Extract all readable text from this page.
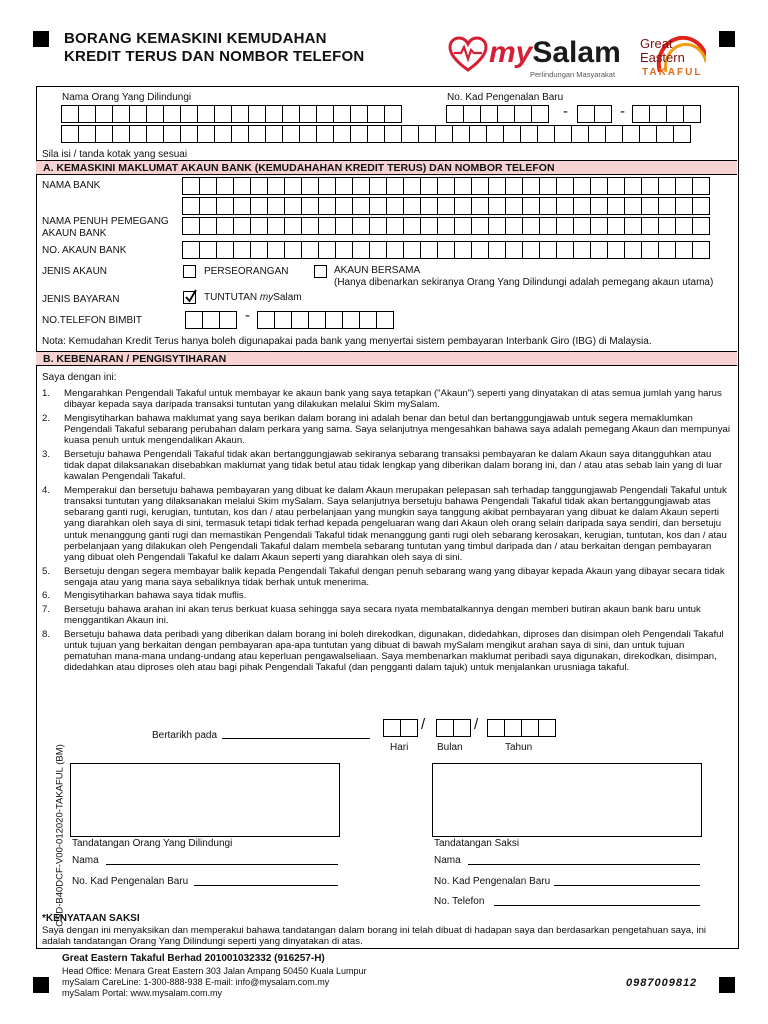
BORANG KEMASKINI KEMUDAHAN
KREDIT TERUS DAN NOMBOR TELEFON	mySalam
Perlindungan Masyarakat
Great
Eastern
TAKAFUL
Nama Orang Yang Dilindungi	No. Kad Pengenalan Baru
-	-
Sila isi / tanda kotak yang sesuai
A. KEMASKINI MAKLUMAT AKAUN BANK (KEMUDAHAHAN KREDIT TERUS) DAN NOMBOR TELEFON
NAMA BANK
NAMA PENUH PEMEGANG
AKAUN BANK
NO. AKAUN BANK
JENIS AKAUN	PERSEORANGAN	AKAUN BERSAMA
(Hanya dibenarkan sekiranya Orang Yang Dilindungi adalah pemegang akaun utama)
JENIS BAYARAN	TUNTUTAN mySalam
NO.TELEFON BIMBIT	-
Nota: Kemudahan Kredit Terus hanya boleh digunapakai pada bank yang menyertai sistem pembayaran Interbank Giro (IBG) di Malaysia.
B. KEBENARAN / PENGISYTIHARAN
Saya dengan ini:
1.	Mengarahkan Pengendali Takaful untuk membayar ke akaun bank yang saya tetapkan ("Akaun") seperti yang dinyatakan di atas semua jumlah yang harus dibayar kepada saya daripada transaksi tuntutan yang dilakukan melalui Skim mySalam.
2.	Mengisytiharkan bahawa maklumat yang saya berikan dalam borang ini adalah benar dan betul dan bertanggungjawab untuk segera memaklumkan Pengendali Takaful sebarang perubahan dalam perkara yang sama. Saya selanjutnya mengesahkan bahawa saya adalah pemegang Akaun dan mempunyai kuasa penuh untuk mengendalikan Akaun.
3.	Bersetuju bahawa Pengendali Takaful tidak akan bertanggungjawab sekiranya sebarang transaksi pembayaran ke dalam Akaun saya ditangguhkan atau tidak dapat dilaksanakan disebabkan maklumat yang tidak betul atau tidak lengkap yang diberikan dalam borang ini, dan / atau atas sebab lain yang di luar kawalan Pengendali Takaful.
4.	Memperakui dan bersetuju bahawa pembayaran yang dibuat ke dalam Akaun merupakan pelepasan sah terhadap tanggungjawab Pengendali Takaful untuk transaksi tuntutan yang dilaksanakan melalui Skim mySalam. Saya selanjutnya bersetuju bahawa Pengendali Takaful tidak akan bertanggungjawab atas sebarang ganti rugi, kerugian, tuntutan, kos dan / atau perbelanjaan yang mungkin saya tanggung akibat pembayaran yang dibuat ke dalam Akaun seperti yang diarahkan oleh saya di sini, termasuk tetapi tidak terhad kepada pengeluaran wang dari Akaun oleh orang selain daripada saya sendiri, dan bersetuju untuk menanggung ganti rugi dan memastikan Pengendali Takaful tidak menanggung ganti rugi oleh sebarang kerosakan, kerugian, tuntutan, kos dan / atau perbelanjaan yang dilakukan oleh Pengendali Takaful dalam membela sebarang tuntutan yang timbul daripada dan / atau berkaitan dengan pembayaran yang dibuat oleh Pengendali Takaful ke dalam Akaun seperti yang diarahkan oleh saya di sini.
5.	Bersetuju dengan segera membayar balik kepada Pengendali Takaful dengan penuh sebarang wang yang dibayar kepada Akaun yang dibayar secara tidak sengaja atau yang mana saya sebaliknya tidak berhak untuk menerima.
6.	Mengisytiharkan bahawa saya tidak muflis.
7.	Bersetuju bahawa arahan ini akan terus berkuat kuasa sehingga saya secara nyata membatalkannya dengan memberi butiran akaun bank baru untuk menggantikan Akaun ini.
8.	Bersetuju bahawa data peribadi yang diberikan dalam borang ini boleh direkodkan, digunakan, didedahkan, diproses dan disimpan oleh Pengendali Takaful untuk tujuan yang berkaitan dengan pembayaran apa-apa tuntutan yang dibuat di bawah mySalam mengikut arahan saya di sini, dan untuk tujuan pematuhan mana-mana undang-undang atau keperluan pengawalseliaan. Saya membenarkan maklumat peribadi saya digunakan, direkodkan, disimpan, didedahkan atau diproses oleh atau bagi pihak Pengendali Takaful (dan pengganti dalam tajuk) untuk menjalankan urusniaga takaful.
Bertarikh pada
/	/
Hari	Bulan	Tahun
Tandatangan Orang Yang Dilindungi	Tandatangan Saksi
Nama	Nama
No. Kad Pengenalan Baru	No. Kad Pengenalan Baru
No. Telefon
*KENYATAAN SAKSI
Saya dengan ini menyaksikan dan memperakui bahawa tandatangan dalam borang ini telah dibuat di hadapan saya dan berdasarkan pengetahuan saya, ini adalah tandatangan Orang Yang Dilindungi seperti yang dinyatakan di atas.
CSD-B40DCF-V00-012020-TAKAFUL (BM)
Great Eastern Takaful Berhad 201001032332 (916257-H)
Head Office: Menara Great Eastern 303 Jalan Ampang 50450 Kuala Lumpur
mySalam CareLine: 1-300-888-938 E-mail: info@mysalam.com.my
mySalam Portal: www.mysalam.com.my
0987009812
